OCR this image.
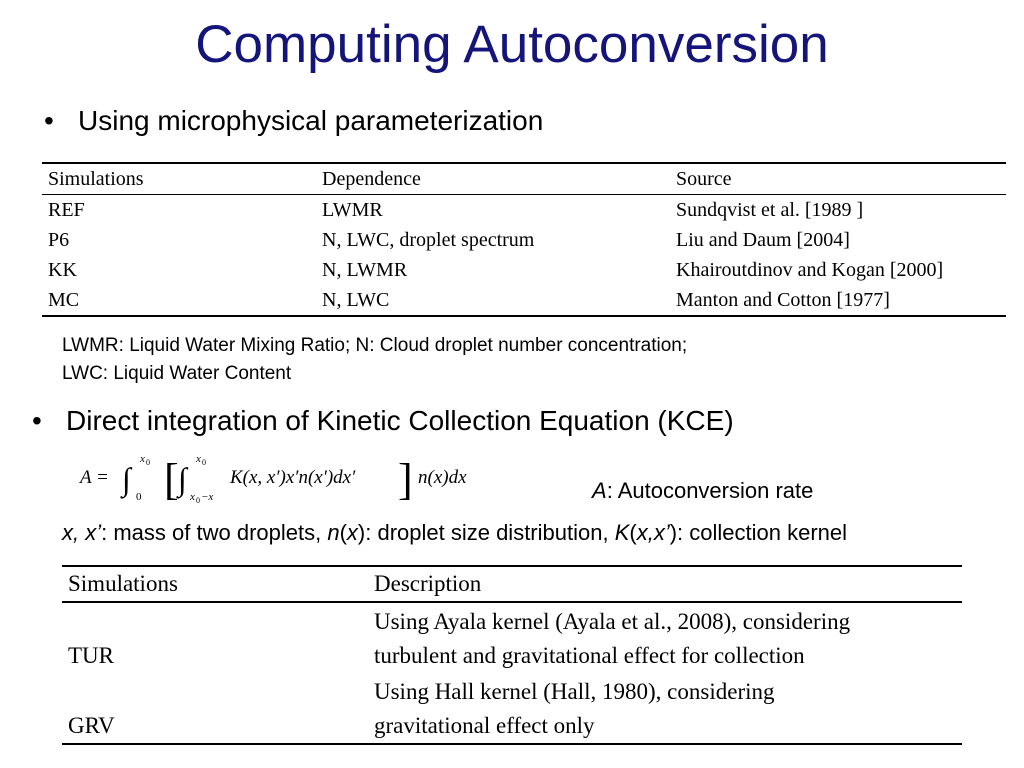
Computing Autoconversion
• Using microphysical parameterization
Simulations	Dependence	Source
REF	LWMR	Sundqvist et al. [1989 ]
P6	N, LWC, droplet spectrum	Liu and Daum [2004]
KK	N, LWMR	Khairoutdinov and Kogan [2000]
MC	N, LWC	Manton and Cotton [1977]
LWMR: Liquid Water Mixing Ratio; N: Cloud droplet number concentration;
LWC: Liquid Water Content
• Direct integration of Kinetic Collection Equation (KCE)
A = ∫
x 0
0 [ ∫
x 0
x 0 −x
K(x, x′)x′n(x′)dx′ ] n(x)dx
A: Autoconversion rate
x, x’: mass of two droplets, n(x): droplet size distribution, K(x,x’): collection kernel
Simulations	Description
TUR	Using Ayala kernel (Ayala et al., 2008), considering
turbulent and gravitational effect for collection

GRV	Using Hall kernel (Hall, 1980), considering
gravitational effect only
